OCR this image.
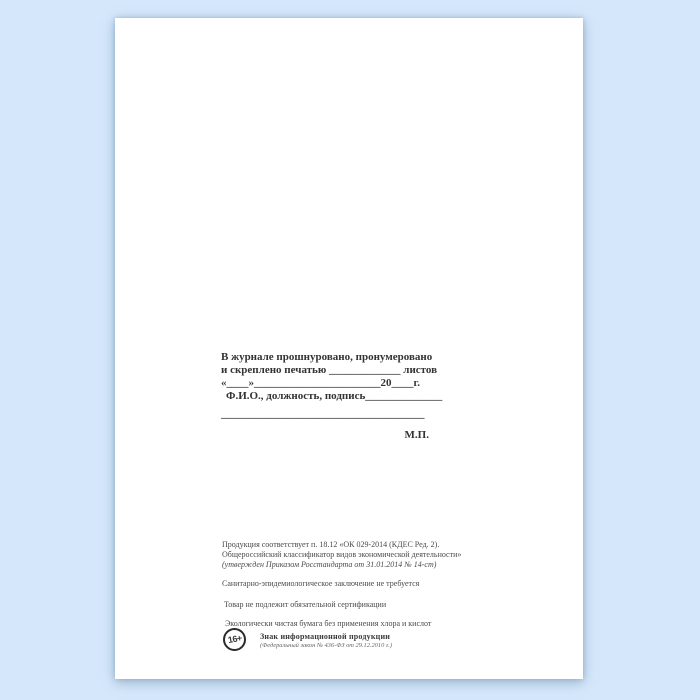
В журнале прошнуровано, пронумеровано
и скреплено печатью _____________ листов
«____»_______________________20____г.
Ф.И.О., должность, подпись______________
_____________________________________
М.П.
Продукция соответствует п. 18.12 «ОК 029-2014 (КДЕС Ред. 2).
Общероссийский классификатор видов экономической деятельности»
(утвержден Приказом Росстандарта от 31.01.2014 № 14-ст)
Санитарно-эпидемиологическое заключение не требуется
Товар не подлежит обязательной сертификации
Экологически чистая бумага без применения хлора и кислот
16+ Знак информационной продукции
(Федеральный закон № 436-ФЗ от 29.12.2010 г.)
